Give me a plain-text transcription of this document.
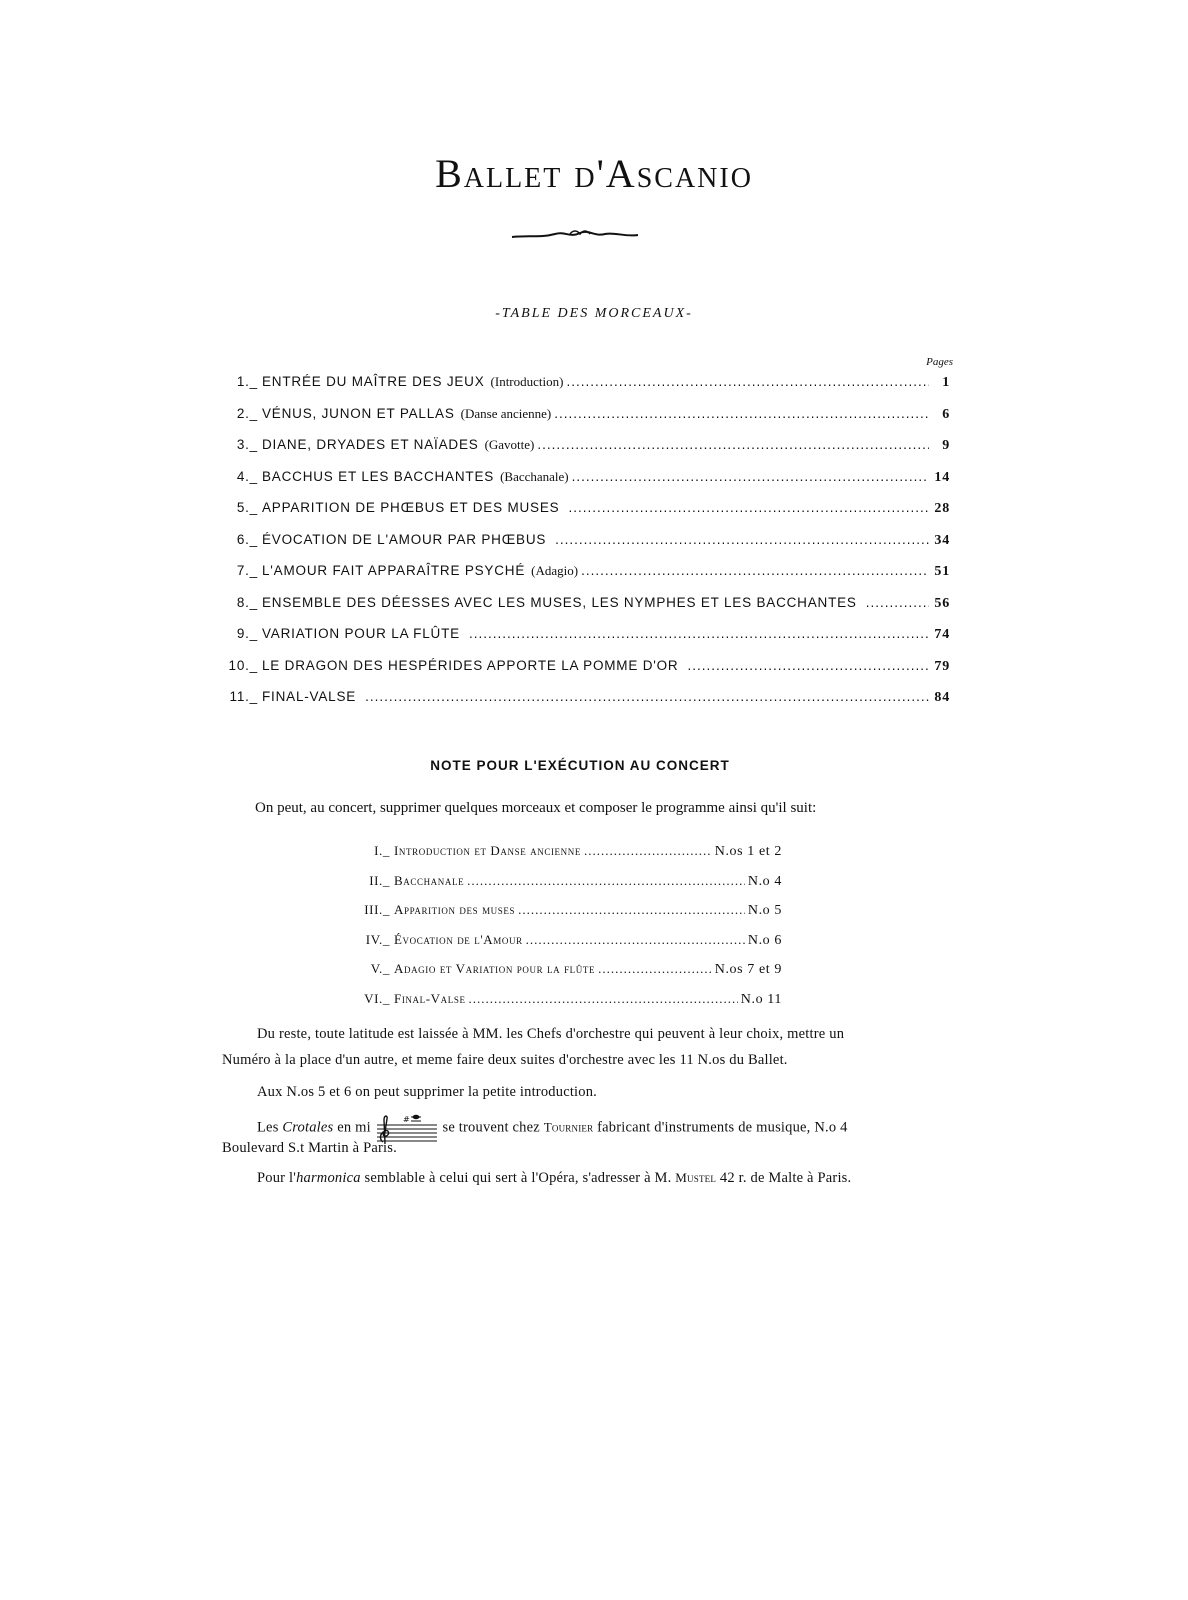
Ballet d'Ascanio
-TABLE DES MORCEAUX-
Pages
1._ ENTRÉE DU MAÎTRE DES JEUX (Introduction) .....	1
2._ VÉNUS, JUNON ET PALLAS (Danse ancienne) .....	6
3._ DIANE, DRYADES ET NAÏADES (Gavotte) .....	9
4._ BACCHUS ET LES BACCHANTES (Bacchanale) .....	14
5._ APPARITION DE PHŒBUS ET DES MUSES .....	28
6._ ÉVOCATION DE L'AMOUR PAR PHŒBUS .....	34
7._ L'AMOUR FAIT APPARAÎTRE PSYCHÉ (Adagio) .....	51
8._ ENSEMBLE DES DÉESSES AVEC LES MUSES, LES NYMPHES ET LES BACCHANTES .....	56
9._ VARIATION POUR LA FLÛTE .....	74
10._ LE DRAGON DES HESPÉRIDES APPORTE LA POMME D'OR .....	79
11._ FINAL-VALSE .....	84
NOTE POUR L'EXÉCUTION AU CONCERT
On peut, au concert, supprimer quelques morceaux et composer le programme ainsi qu'il suit:
I._ Introduction et Danse ancienne .....	N.os 1 et 2
II._ Bacchanale .....	N.o 4
III._ Apparition des muses .....	N.o 5
IV._ Évocation de l'Amour .....	N.o 6
V._ Adagio et Variation pour la flûte .....	N.os 7 et 9
VI._ Final-Valse .....	N.o 11
Du reste, toute latitude est laissée à MM. les Chefs d'orchestre qui peuvent à leur choix, mettre un
Numéro à la place d'un autre, et meme faire deux suites d'orchestre avec les 11 N.os du Ballet.
Aux N.os 5 et 6 on peut supprimer la petite introduction.
Les Crotales en mi	# se trouvent chez Tournier fabricant d'instruments de musique, N.o 4
Boulevard S.t Martin à Paris.
Pour l'harmonica semblable à celui qui sert à l'Opéra, s'adresser à M. Mustel 42 r. de Malte à Paris.
